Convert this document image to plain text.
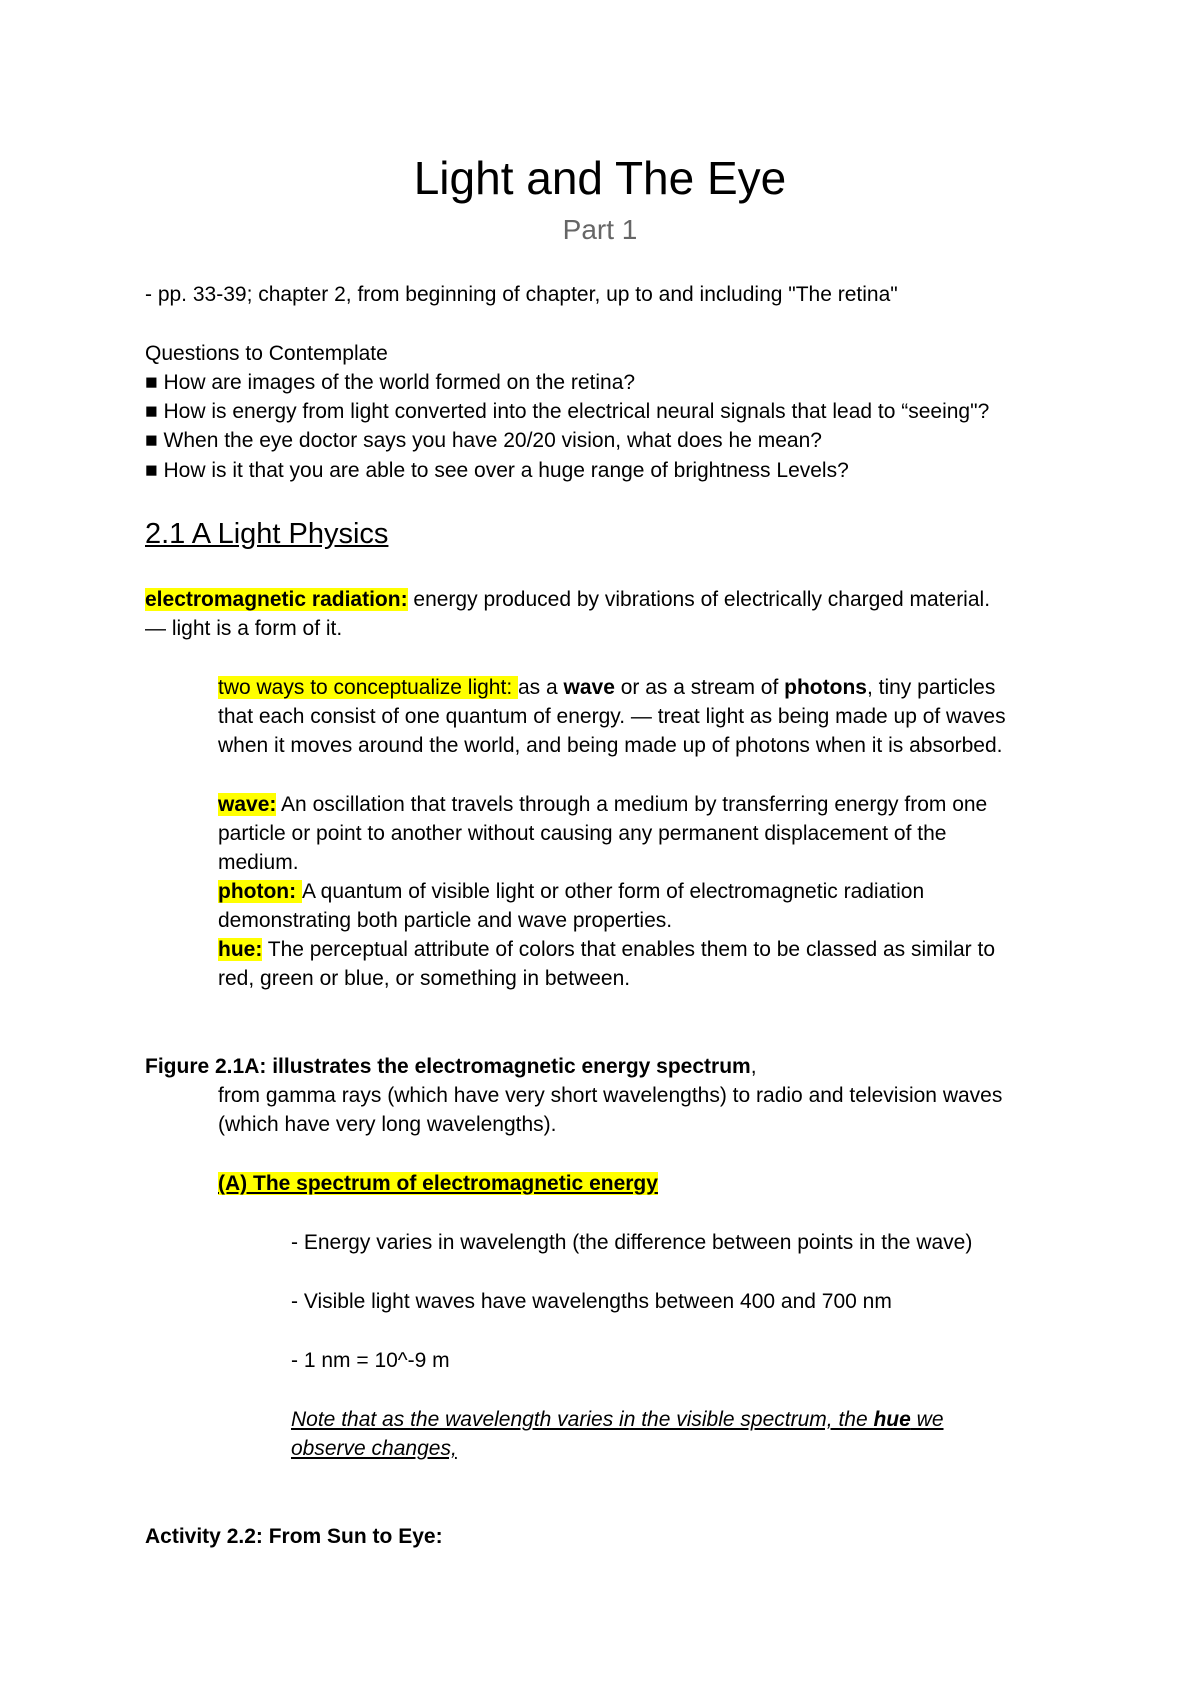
Light and The Eye
Part 1
- pp. 33-39; chapter 2, from beginning of chapter, up to and including "The retina"
Questions to Contemplate
■ How are images of the world formed on the retina?
■ How is energy from light converted into the electrical neural signals that lead to “seeing"?
■ When the eye doctor says you have 20/20 vision, what does he mean?
■ How is it that you are able to see over a huge range of brightness Levels?
2.1 A Light Physics
electromagnetic radiation: energy produced by vibrations of electrically charged material.
— light is a form of it.
two ways to conceptualize light: as a wave or as a stream of photons, tiny particles
that each consist of one quantum of energy. — treat light as being made up of waves
when it moves around the world, and being made up of photons when it is absorbed.
wave: An oscillation that travels through a medium by transferring energy from one
particle or point to another without causing any permanent displacement of the
medium.
photon: A quantum of visible light or other form of electromagnetic radiation
demonstrating both particle and wave properties.
hue: The perceptual attribute of colors that enables them to be classed as similar to
red, green or blue, or something in between.
Figure 2.1A: illustrates the electromagnetic energy spectrum,
from gamma rays (which have very short wavelengths) to radio and television waves
(which have very long wavelengths).
(A) The spectrum of electromagnetic energy
- Energy varies in wavelength (the difference between points in the wave)
- Visible light waves have wavelengths between 400 and 700 nm
- 1 nm = 10^-9 m
Note that as the wavelength varies in the visible spectrum, the hue we
observe changes,
Activity 2.2: From Sun to Eye:
